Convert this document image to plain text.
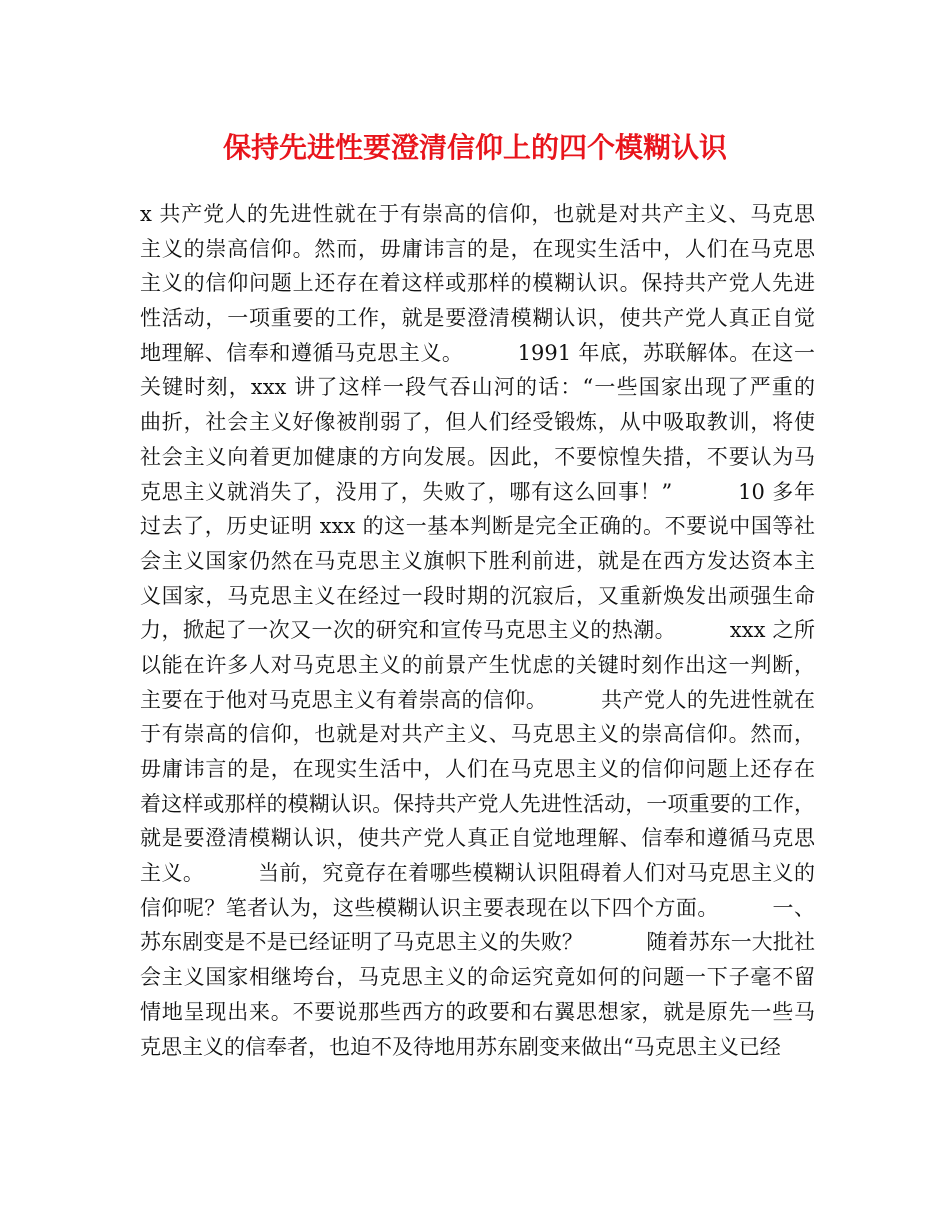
保持先进性要澄清信仰上的四个模糊认识
x 共产党人的先进性就在于有崇高的信仰，也就是对共产主义、马克思
主义的崇高信仰。然而，毋庸讳言的是，在现实生活中，人们在马克思
主义的信仰问题上还存在着这样或那样的模糊认识。保持共产党人先进
性活动，一项重要的工作，就是要澄清模糊认识，使共产党人真正自觉
地理解、信奉和遵循马克思主义。　　　1991 年底，苏联解体。在这一
关键时刻，xxx 讲了这样一段气吞山河的话：“一些国家出现了严重的
曲折，社会主义好像被削弱了，但人们经受锻炼，从中吸取教训，将使
社会主义向着更加健康的方向发展。因此，不要惊惶失措，不要认为马
克思主义就消失了，没用了，失败了，哪有这么回事！”　　　10 多年
过去了，历史证明 xxx 的这一基本判断是完全正确的。不要说中国等社
会主义国家仍然在马克思主义旗帜下胜利前进，就是在西方发达资本主
义国家，马克思主义在经过一段时期的沉寂后，又重新焕发出顽强生命
力，掀起了一次又一次的研究和宣传马克思主义的热潮。　　　xxx 之所
以能在许多人对马克思主义的前景产生忧虑的关键时刻作出这一判断，
主要在于他对马克思主义有着崇高的信仰。　　　共产党人的先进性就在
于有崇高的信仰，也就是对共产主义、马克思主义的崇高信仰。然而，
毋庸讳言的是，在现实生活中，人们在马克思主义的信仰问题上还存在
着这样或那样的模糊认识。保持共产党人先进性活动，一项重要的工作，
就是要澄清模糊认识，使共产党人真正自觉地理解、信奉和遵循马克思
主义。　　　当前，究竟存在着哪些模糊认识阻碍着人们对马克思主义的
信仰呢？笔者认为，这些模糊认识主要表现在以下四个方面。　　　一、
苏东剧变是不是已经证明了马克思主义的失败？　　　随着苏东一大批社
会主义国家相继垮台，马克思主义的命运究竟如何的问题一下子毫不留
情地呈现出来。不要说那些西方的政要和右翼思想家，就是原先一些马
克思主义的信奉者，也迫不及待地用苏东剧变来做出“马克思主义已经
